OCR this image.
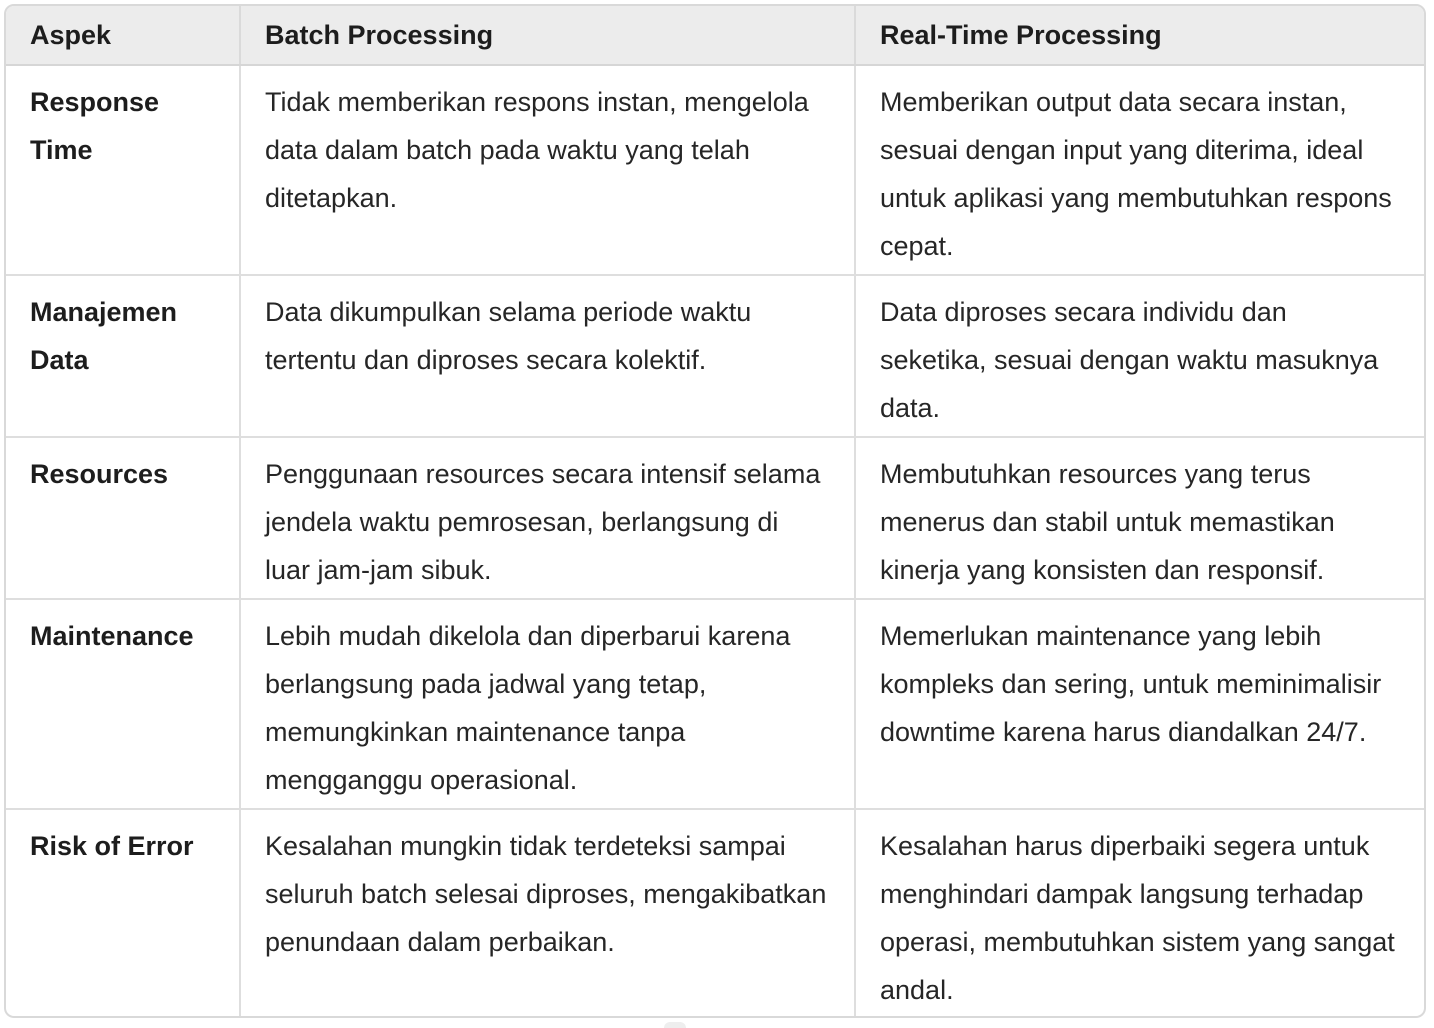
Aspek	Batch Processing	Real-Time Processing
Response Time	Tidak memberikan respons instan, mengelola data dalam batch pada waktu yang telah ditetapkan.	Memberikan output data secara instan, sesuai dengan input yang diterima, ideal untuk aplikasi yang membutuhkan respons cepat.
Manajemen Data	Data dikumpulkan selama periode waktu tertentu dan diproses secara kolektif.	Data diproses secara individu dan seketika, sesuai dengan waktu masuknya data.
Resources	Penggunaan resources secara intensif selama jendela waktu pemrosesan, berlangsung di luar jam-jam sibuk.	Membutuhkan resources yang terus menerus dan stabil untuk memastikan kinerja yang konsisten dan responsif.
Maintenance	Lebih mudah dikelola dan diperbarui karena berlangsung pada jadwal yang tetap, memungkinkan maintenance tanpa mengganggu operasional.	Memerlukan maintenance yang lebih kompleks dan sering, untuk meminimalisir downtime karena harus diandalkan 24/7.
Risk of Error	Kesalahan mungkin tidak terdeteksi sampai seluruh batch selesai diproses, mengakibatkan penundaan dalam perbaikan.	Kesalahan harus diperbaiki segera untuk menghindari dampak langsung terhadap operasi, membutuhkan sistem yang sangat andal.
